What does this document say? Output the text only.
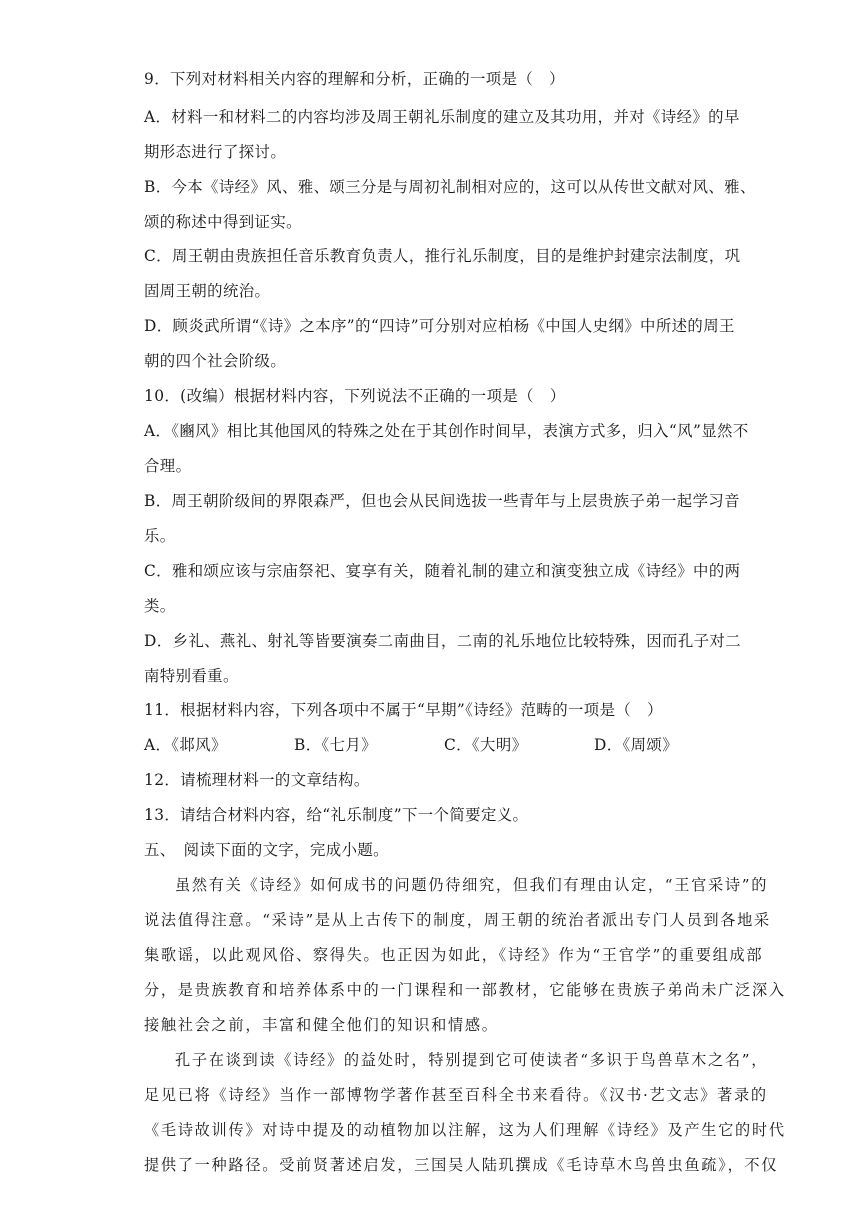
9．下列对材料相关内容的理解和分析，正确的一项是（　）
A．材料一和材料二的内容均涉及周王朝礼乐制度的建立及其功用，并对《诗经》的早
期形态进行了探讨。
B．今本《诗经》风、雅、颂三分是与周初礼制相对应的，这可以从传世文献对风、雅、
颂的称述中得到证实。
C．周王朝由贵族担任音乐教育负责人，推行礼乐制度，目的是维护封建宗法制度，巩
固周王朝的统治。
D．顾炎武所谓“《诗》之本序”的“四诗”可分别对应柏杨《中国人史纲》中所述的周王
朝的四个社会阶级。
10．(改编）根据材料内容，下列说法不正确的一项是（　）
A．《豳风》相比其他国风的特殊之处在于其创作时间早，表演方式多，归入“风”显然不
合理。
B．周王朝阶级间的界限森严，但也会从民间选拔一些青年与上层贵族子弟一起学习音
乐。
C．雅和颂应该与宗庙祭祀、宴享有关，随着礼制的建立和演变独立成《诗经》中的两
类。
D．乡礼、燕礼、射礼等皆要演奏二南曲目，二南的礼乐地位比较特殊，因而孔子对二
南特别看重。
11．根据材料内容，下列各项中不属于“早期”《诗经》范畴的一项是（　）
A．《邶风》	B．《七月》	C．《大明》	D．《周颂》
12．请梳理材料一的文章结构。
13．请结合材料内容，给“礼乐制度”下一个简要定义。
五、　阅读下面的文字，完成小题。
虽然有关《诗经》如何成书的问题仍待细究，但我们有理由认定，“王官采诗”的
说法值得注意。“采诗”是从上古传下的制度，周王朝的统治者派出专门人员到各地采
集歌谣，以此观风俗、察得失。也正因为如此，《诗经》作为“王官学”的重要组成部
分，是贵族教育和培养体系中的一门课程和一部教材，它能够在贵族子弟尚未广泛深入
接触社会之前，丰富和健全他们的知识和情感。
孔子在谈到读《诗经》的益处时，特别提到它可使读者“多识于鸟兽草木之名”，
足见已将《诗经》当作一部博物学著作甚至百科全书来看待。《汉书·艺文志》著录的
《毛诗故训传》对诗中提及的动植物加以注解，这为人们理解《诗经》及产生它的时代
提供了一种路径。受前贤著述启发，三国吴人陆玑撰成《毛诗草木鸟兽虫鱼疏》，不仅
